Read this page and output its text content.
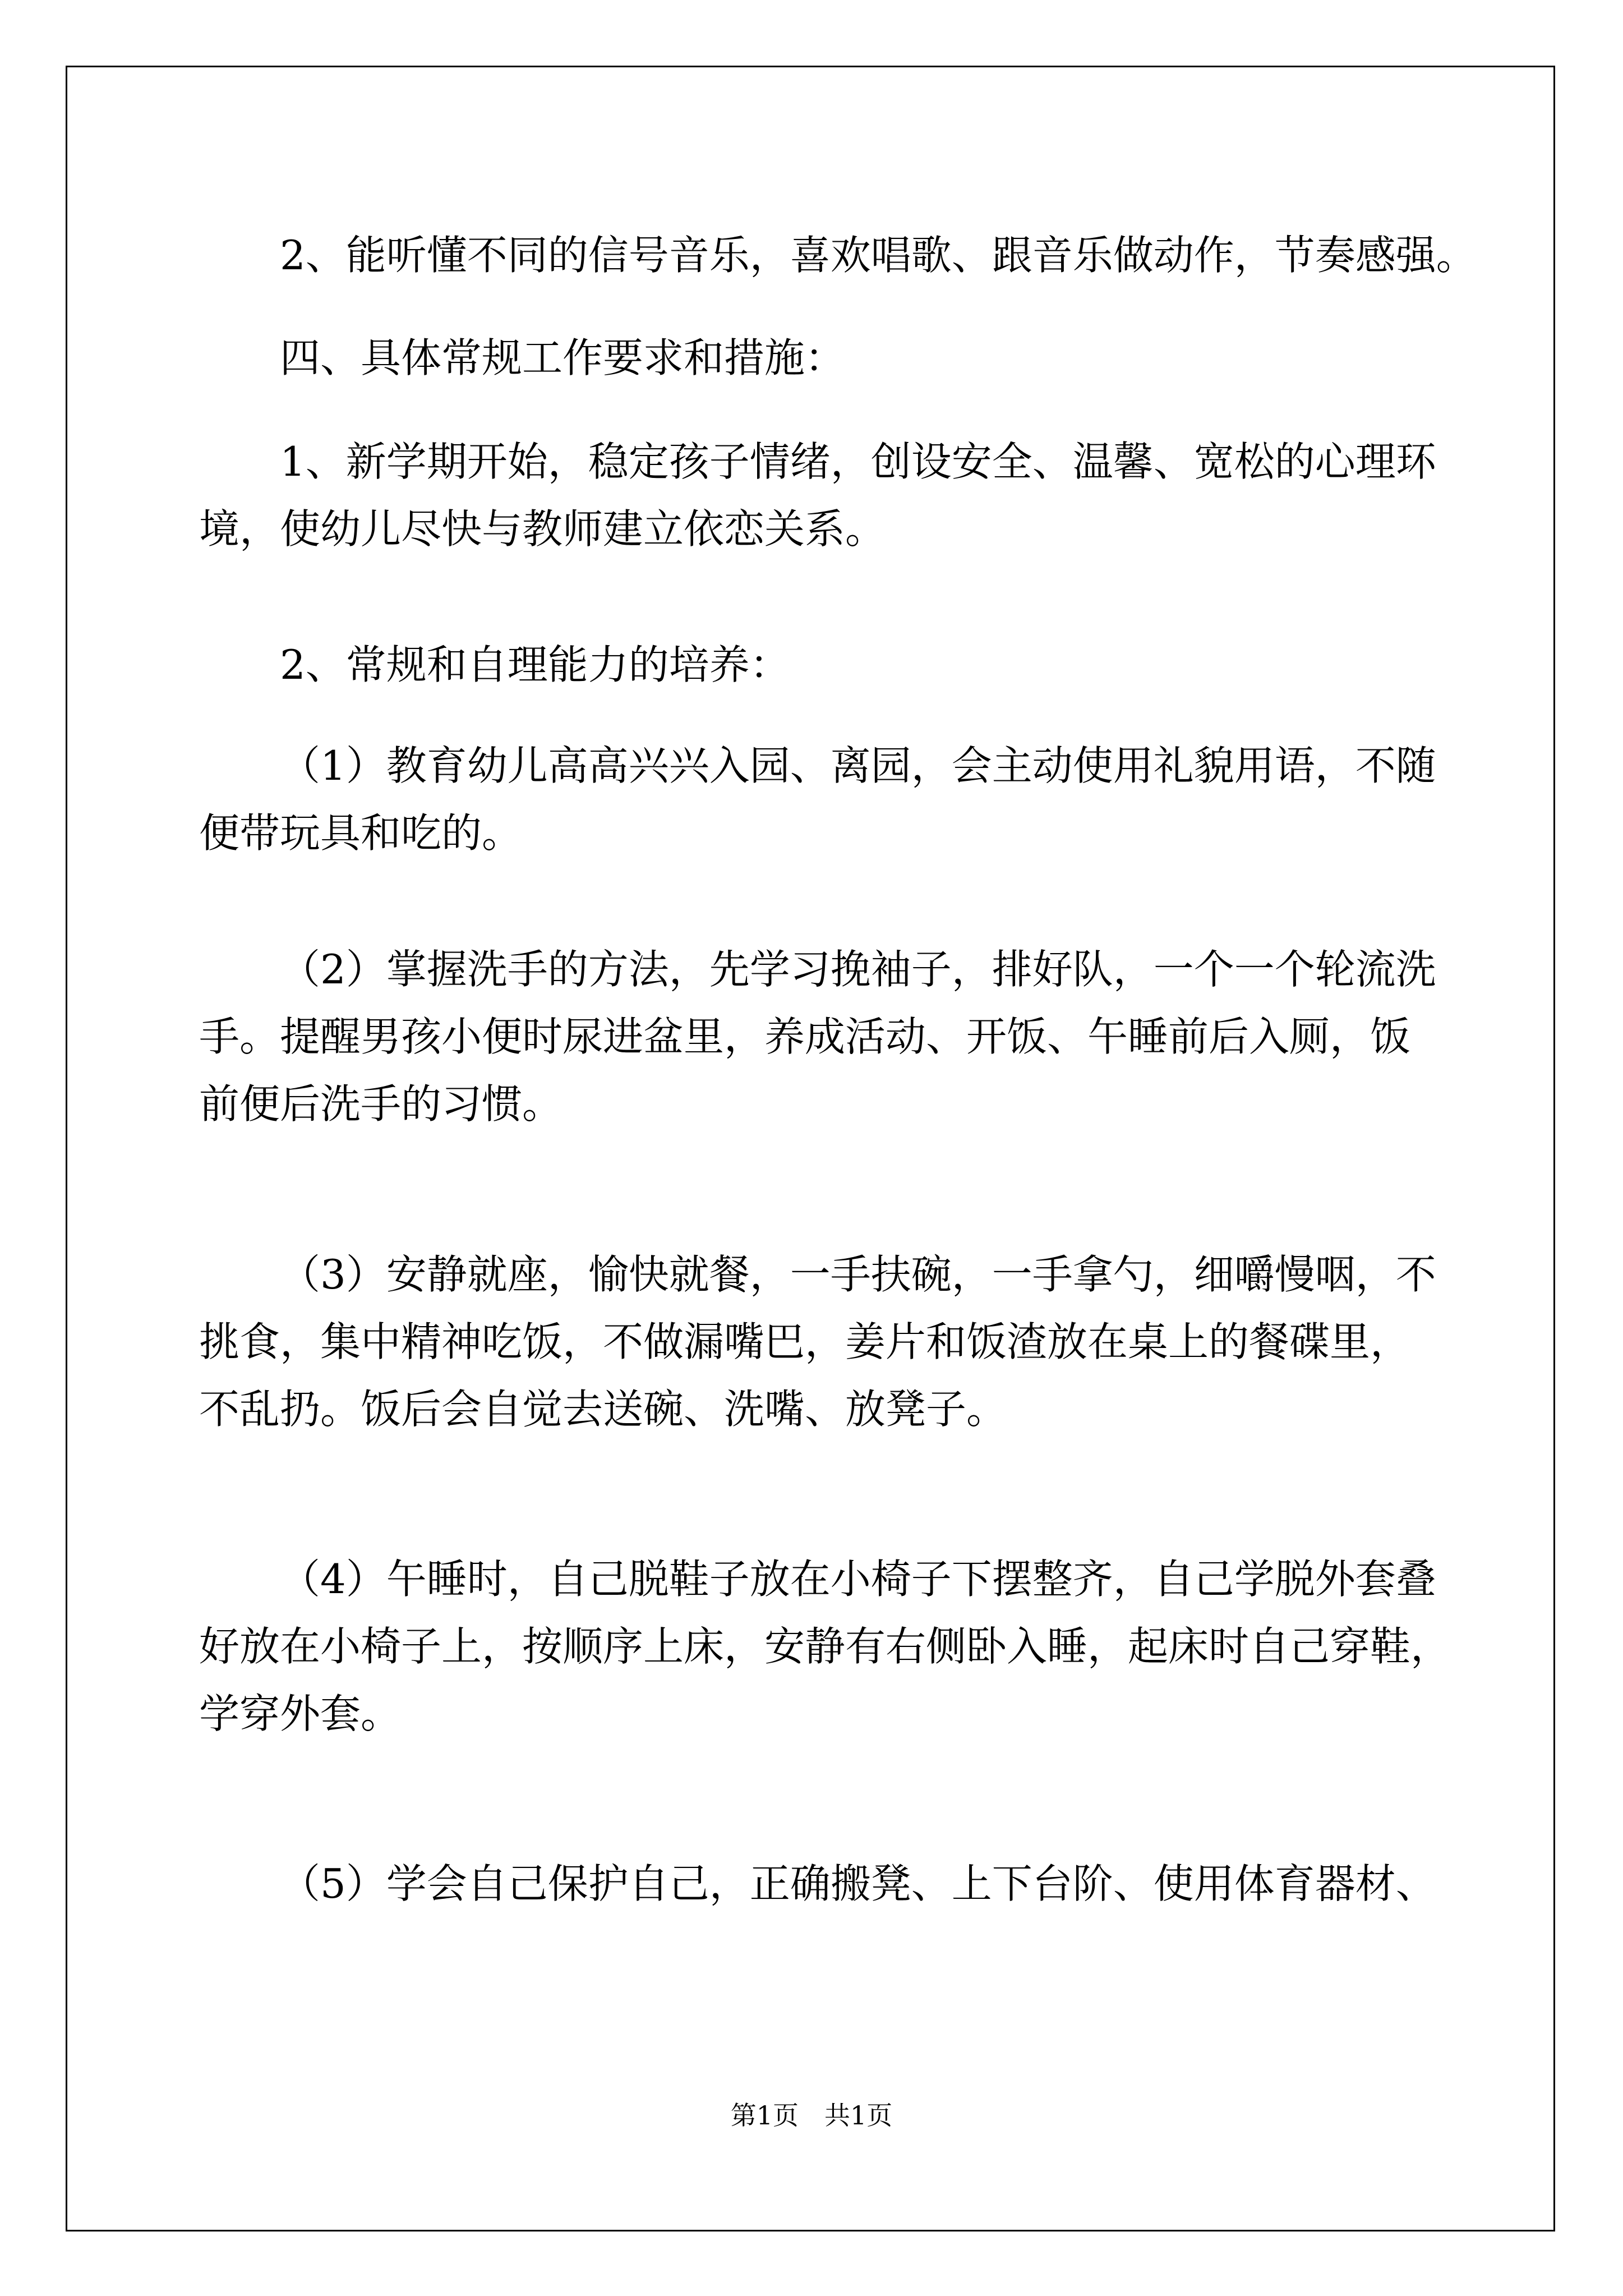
2、能听懂不同的信号音乐，喜欢唱歌、跟音乐做动作，节奏感强。

四、具体常规工作要求和措施：

1、新学期开始，稳定孩子情绪，创设安全、温馨、宽松的心理环
境，使幼儿尽快与教师建立依恋关系。

2、常规和自理能力的培养：

（1）教育幼儿高高兴兴入园、离园，会主动使用礼貌用语，不随
便带玩具和吃的。

（2）掌握洗手的方法，先学习挽袖子，排好队，一个一个轮流洗
手。提醒男孩小便时尿进盆里，养成活动、开饭、午睡前后入厕，饭
前便后洗手的习惯。

（3）安静就座，愉快就餐，一手扶碗，一手拿勺，细嚼慢咽，不
挑食，集中精神吃饭，不做漏嘴巴，姜片和饭渣放在桌上的餐碟里，
不乱扔。饭后会自觉去送碗、洗嘴、放凳子。

（4）午睡时，自己脱鞋子放在小椅子下摆整齐，自己学脱外套叠
好放在小椅子上，按顺序上床，安静有右侧卧入睡，起床时自己穿鞋，
学穿外套。

（5）学会自己保护自己，正确搬凳、上下台阶、使用体育器材、

第1页 共1页
